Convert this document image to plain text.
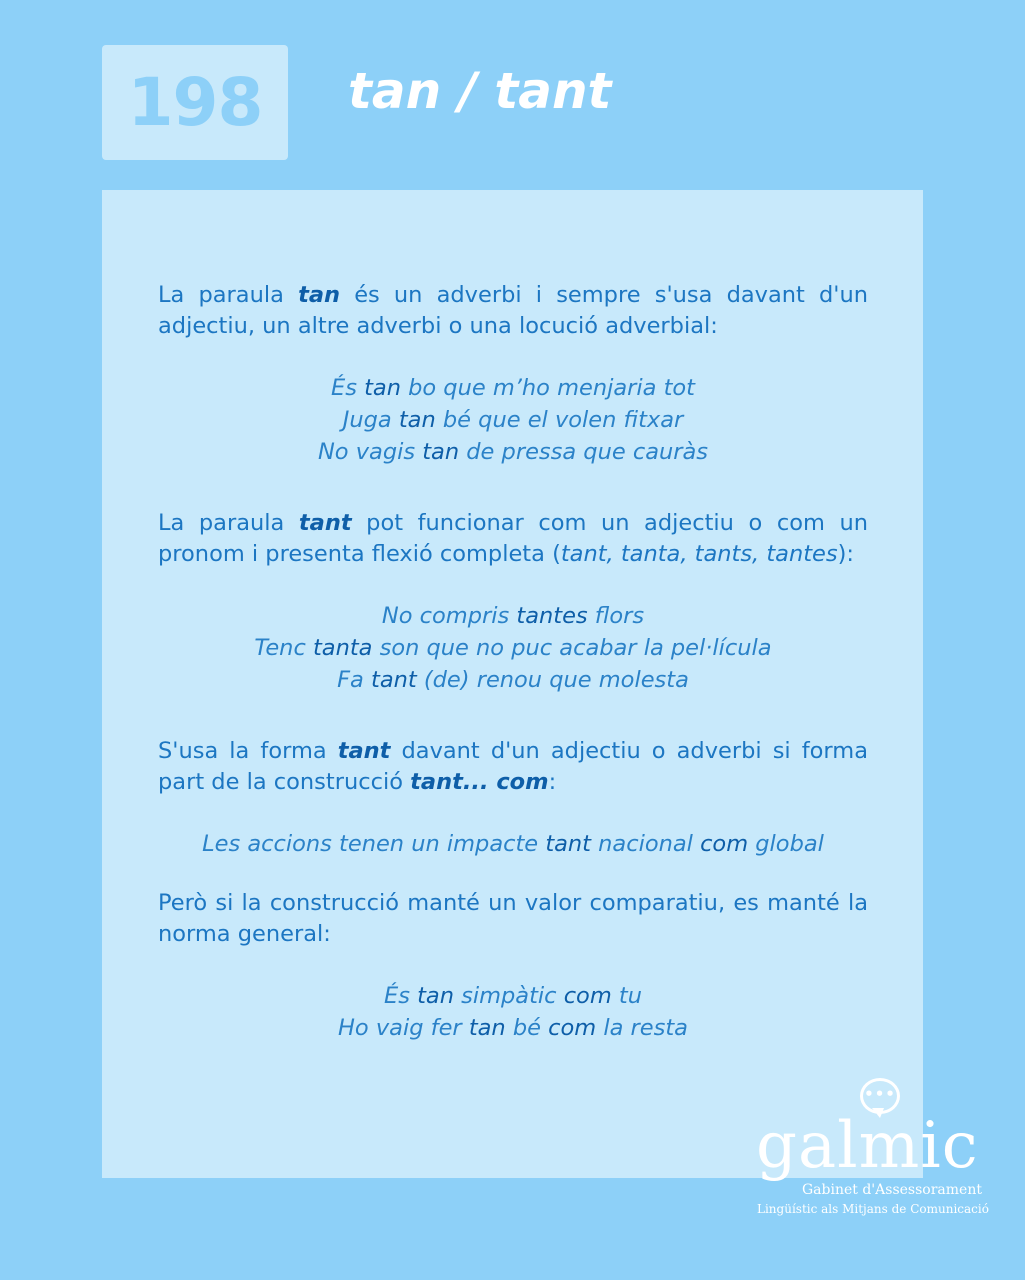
198 tan / tant

La paraula tan és un adverbi i sempre s'usa davant d'un adjectiu, un altre adverbi o una locució adverbial:

És tan bo que m’ho menjaria tot
Juga tan bé que el volen fitxar
No vagis tan de pressa que cauràs

La paraula tant pot funcionar com un adjectiu o com un pronom i presenta flexió completa (tant, tanta, tants, tantes):

No compris tantes flors
Tenc tanta son que no puc acabar la pel·lícula
Fa tant (de) renou que molesta

S'usa la forma tant davant d'un adjectiu o adverbi si forma part de la construcció tant... com:

Les accions tenen un impacte tant nacional com global

Però si la construcció manté un valor comparatiu, es manté la norma general:

És tan simpàtic com tu
Ho vaig fer tan bé com la resta
•••
galmic
Gabinet d'Assessorament
Lingüístic als Mitjans de Comunicació
